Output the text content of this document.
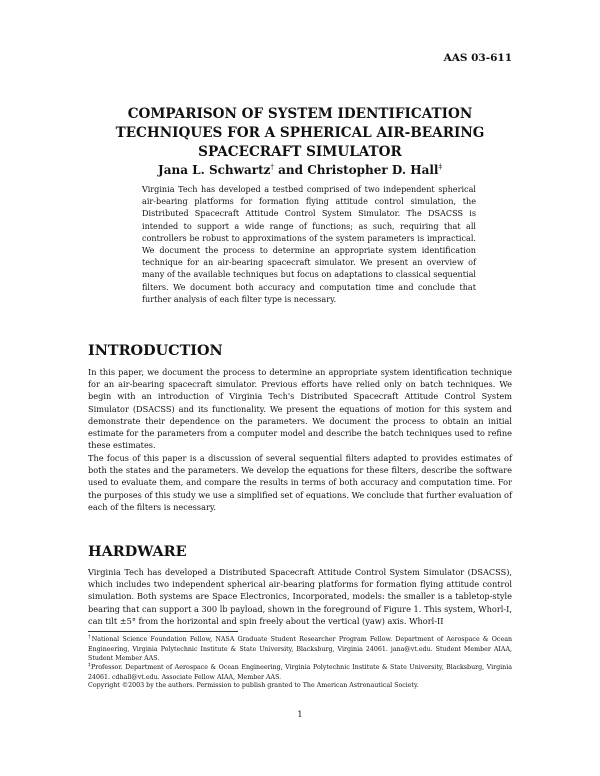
AAS 03-611
COMPARISON OF SYSTEM IDENTIFICATION
TECHNIQUES FOR A SPHERICAL AIR-BEARING
SPACECRAFT SIMULATOR
Jana L. Schwartz† and Christopher D. Hall‡

Virginia Tech has developed a testbed comprised of two independent spherical air-bearing platforms for formation flying attitude control simulation, the Distributed Spacecraft Attitude Control System Simulator. The DSACSS is intended to support a wide range of functions; as such, requiring that all controllers be robust to approximations of the system parameters is impractical. We document the process to determine an appropriate system identification technique for an air-bearing spacecraft simulator. We present an overview of many of the available techniques but focus on adaptations to classical sequential filters. We document both accuracy and computation time and conclude that further analysis of each filter type is necessary.

INTRODUCTION

In this paper, we document the process to determine an appropriate system identification technique for an air-bearing spacecraft simulator. Previous efforts have relied only on batch techniques. We begin with an introduction of Virginia Tech's Distributed Spacecraft Attitude Control System Simulator (DSACSS) and its functionality. We present the equations of motion for this system and demonstrate their dependence on the parameters. We document the process to obtain an initial estimate for the parameters from a computer model and describe the batch techniques used to refine these estimates.

The focus of this paper is a discussion of several sequential filters adapted to provides estimates of both the states and the parameters. We develop the equations for these filters, describe the software used to evaluate them, and compare the results in terms of both accuracy and computation time. For the purposes of this study we use a simplified set of equations. We conclude that further evaluation of each of the filters is necessary.

HARDWARE

Virginia Tech has developed a Distributed Spacecraft Attitude Control System Simulator (DSACSS), which includes two independent spherical air-bearing platforms for formation flying attitude control simulation. Both systems are Space Electronics, Incorporated, models: the smaller is a tabletop-style bearing that can support a 300 lb payload, shown in the foreground of Figure 1. This system, Whorl-I, can tilt ±5° from the horizontal and spin freely about the vertical (yaw) axis. Whorl-II

†National Science Foundation Fellow, NASA Graduate Student Researcher Program Fellow. Department of Aerospace & Ocean Engineering, Virginia Polytechnic Institute & State University, Blacksburg, Virginia 24061. jana@vt.edu. Student Member AIAA, Student Member AAS.

‡Professor. Department of Aerospace & Ocean Engineering, Virginia Polytechnic Institute & State University, Blacksburg, Virginia 24061. cdhall@vt.edu. Associate Fellow AIAA, Member AAS.

Copyright ©2003 by the authors. Permission to publish granted to The American Astronautical Society.

1
